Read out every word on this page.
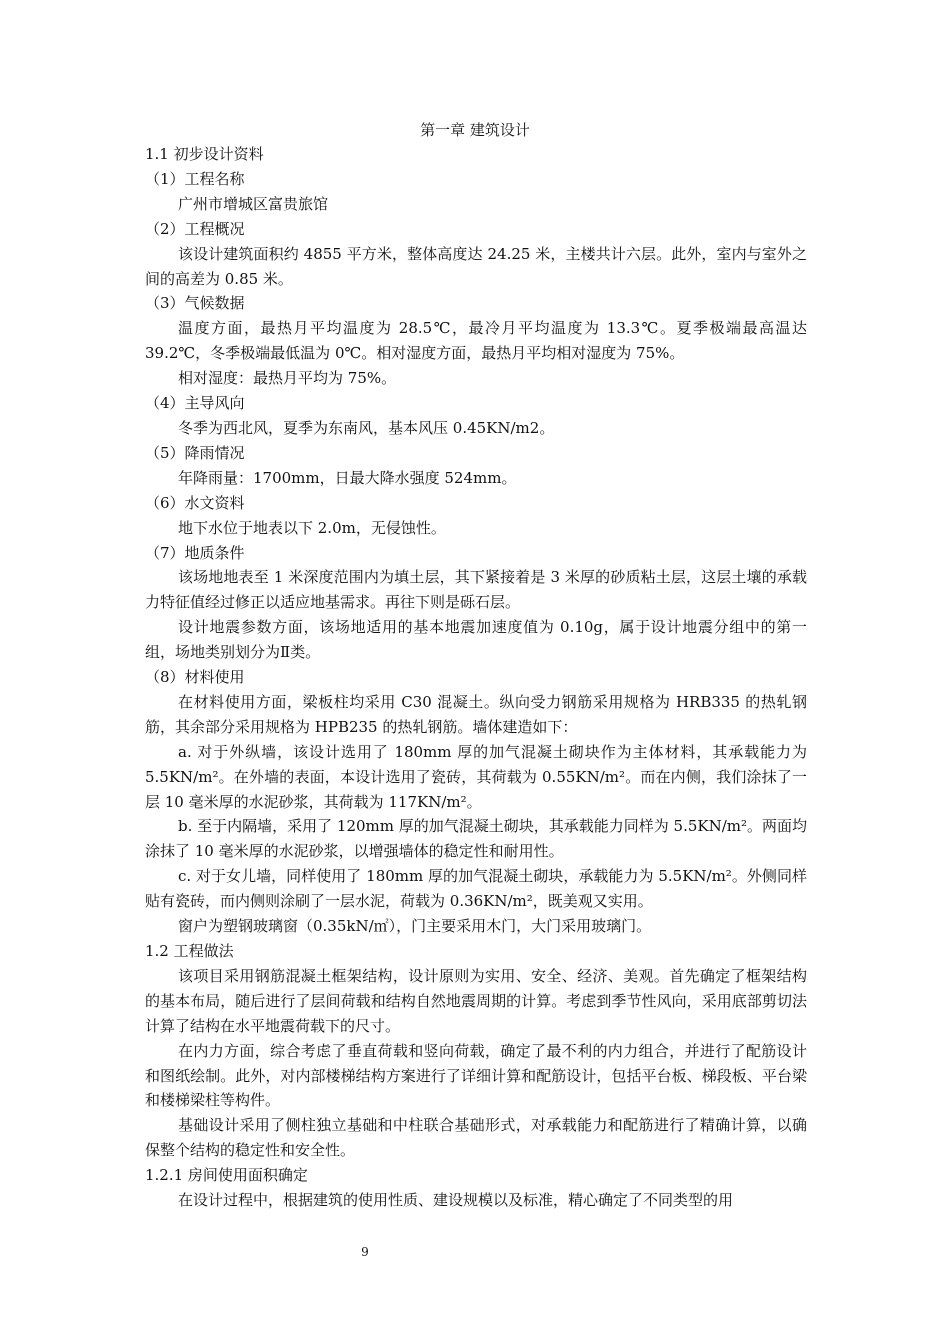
第一章 建筑设计
1.1 初步设计资料
（1）工程名称
广州市增城区富贵旅馆
（2）工程概况
该设计建筑面积约 4855 平方米，整体高度达 24.25 米，主楼共计六层。此外，室内与室外之间的高差为 0.85 米。
（3）气候数据
温度方面，最热月平均温度为 28.5℃，最冷月平均温度为 13.3℃。夏季极端最高温达 39.2℃，冬季极端最低温为 0℃。相对湿度方面，最热月平均相对湿度为 75%。
相对湿度：最热月平均为 75%。
（4）主导风向
冬季为西北风，夏季为东南风，基本风压 0.45KN/m2。
（5）降雨情况
年降雨量：1700mm，日最大降水强度 524mm。
（6）水文资料
地下水位于地表以下 2.0m，无侵蚀性。
（7）地质条件
该场地地表至 1 米深度范围内为填土层，其下紧接着是 3 米厚的砂质粘土层，这层土壤的承载力特征值经过修正以适应地基需求。再往下则是砾石层。
设计地震参数方面，该场地适用的基本地震加速度值为 0.10g，属于设计地震分组中的第一组，场地类别划分为Ⅱ类。
（8）材料使用
在材料使用方面，梁板柱均采用 C30 混凝土。纵向受力钢筋采用规格为 HRB335 的热轧钢筋，其余部分采用规格为 HPB235 的热轧钢筋。墙体建造如下：
a. 对于外纵墙，该设计选用了 180mm 厚的加气混凝土砌块作为主体材料，其承载能力为 5.5KN/m²。在外墙的表面，本设计选用了瓷砖，其荷载为 0.55KN/m²。而在内侧，我们涂抹了一层 10 毫米厚的水泥砂浆，其荷载为 117KN/m²。
b. 至于内隔墙，采用了 120mm 厚的加气混凝土砌块，其承载能力同样为 5.5KN/m²。两面均涂抹了 10 毫米厚的水泥砂浆，以增强墙体的稳定性和耐用性。
c. 对于女儿墙，同样使用了 180mm 厚的加气混凝土砌块，承载能力为 5.5KN/m²。外侧同样贴有瓷砖，而内侧则涂刷了一层水泥，荷载为 0.36KN/m²，既美观又实用。
窗户为塑钢玻璃窗（0.35kN/㎡），门主要采用木门，大门采用玻璃门。
1.2 工程做法
该项目采用钢筋混凝土框架结构，设计原则为实用、安全、经济、美观。首先确定了框架结构的基本布局，随后进行了层间荷载和结构自然地震周期的计算。考虑到季节性风向，采用底部剪切法计算了结构在水平地震荷载下的尺寸。
在内力方面，综合考虑了垂直荷载和竖向荷载，确定了最不利的内力组合，并进行了配筋设计和图纸绘制。此外，对内部楼梯结构方案进行了详细计算和配筋设计，包括平台板、梯段板、平台梁和楼梯梁柱等构件。
基础设计采用了侧柱独立基础和中柱联合基础形式，对承载能力和配筋进行了精确计算，以确保整个结构的稳定性和安全性。
1.2.1 房间使用面积确定
在设计过程中，根据建筑的使用性质、建设规模以及标准，精心确定了不同类型的用
9
